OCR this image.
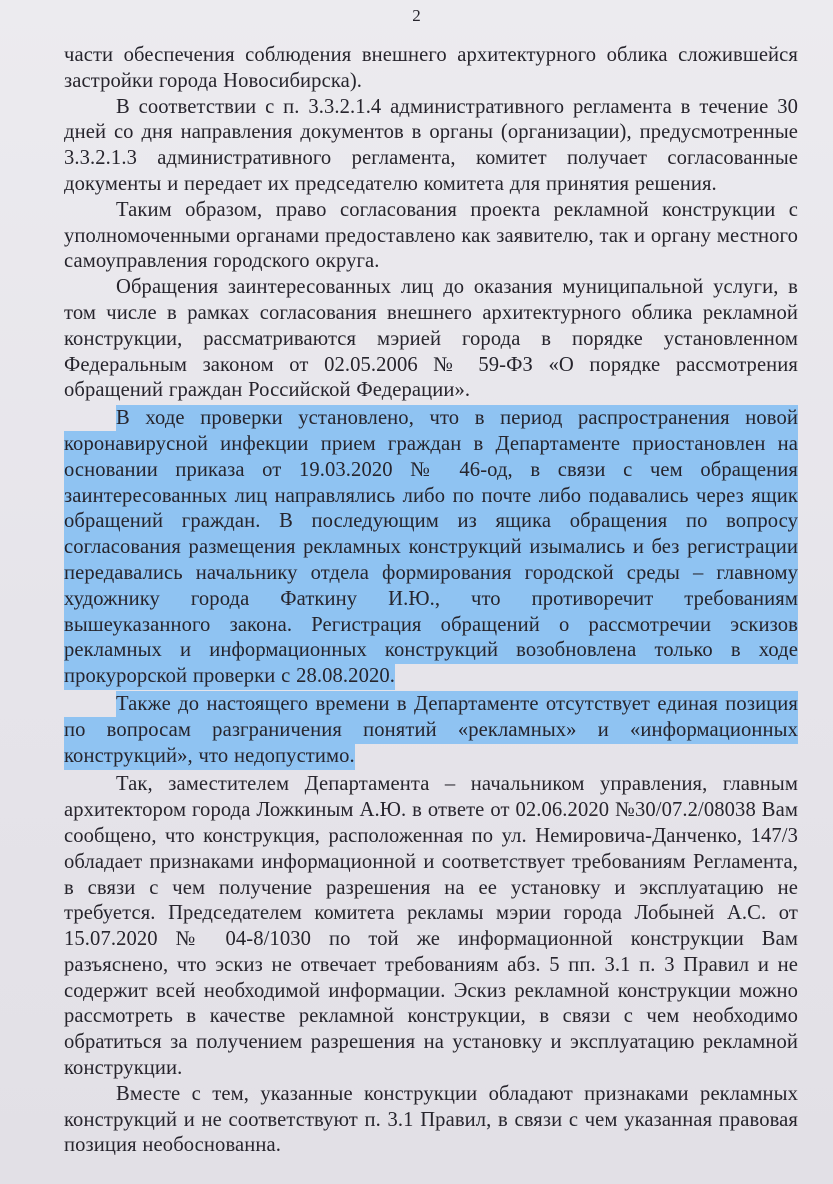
2

части обеспечения соблюдения внешнего архитектурного облика сложившейся застройки города Новосибирска).

В соответствии с п. 3.3.2.1.4 административного регламента в течение 30 дней со дня направления документов в органы (организации), предусмотренные 3.3.2.1.3 административного регламента, комитет получает согласованные документы и передает их председателю комитета для принятия решения.

Таким образом, право согласования проекта рекламной конструкции с уполномоченными органами предоставлено как заявителю, так и органу местного самоуправления городского округа.

Обращения заинтересованных лиц до оказания муниципальной услуги, в том числе в рамках согласования внешнего архитектурного облика рекламной конструкции, рассматриваются мэрией города в порядке установленном Федеральным законом от 02.05.2006 № 59-ФЗ «О порядке рассмотрения обращений граждан Российской Федерации».

В ходе проверки установлено, что в период распространения новой коронавирусной инфекции прием граждан в Департаменте приостановлен на основании приказа от 19.03.2020 № 46-од, в связи с чем обращения заинтересованных лиц направлялись либо по почте либо подавались через ящик обращений граждан. В последующим из ящика обращения по вопросу согласования размещения рекламных конструкций изымались и без регистрации передавались начальнику отдела формирования городской среды – главному художнику города Фаткину И.Ю., что противоречит требованиям вышеуказанного закона. Регистрация обращений о рассмотречии эскизов рекламных и информационных конструкций возобновлена только в ходе прокурорской проверки с 28.08.2020.

Также до настоящего времени в Департаменте отсутствует единая позиция по вопросам разграничения понятий «рекламных» и «информационных конструкций», что недопустимо.

Так, заместителем Департамента – начальником управления, главным архитектором города Ложкиным А.Ю. в ответе от 02.06.2020 №30/07.2/08038 Вам сообщено, что конструкция, расположенная по ул. Немировича-Данченко, 147/3 обладает признаками информационной и соответствует требованиям Регламента, в связи с чем получение разрешения на ее установку и эксплуатацию не требуется. Председателем комитета рекламы мэрии города Лобыней А.С. от 15.07.2020 № 04-8/1030 по той же информационной конструкции Вам разъяснено, что эскиз не отвечает требованиям абз. 5 пп. 3.1 п. 3 Правил и не содержит всей необходимой информации. Эскиз рекламной конструкции можно рассмотреть в качестве рекламной конструкции, в связи с чем необходимо обратиться за получением разрешения на установку и эксплуатацию рекламной конструкции.

Вместе с тем, указанные конструкции обладают признаками рекламных конструкций и не соответствуют п. 3.1 Правил, в связи с чем указанная правовая позиция необоснованна.
